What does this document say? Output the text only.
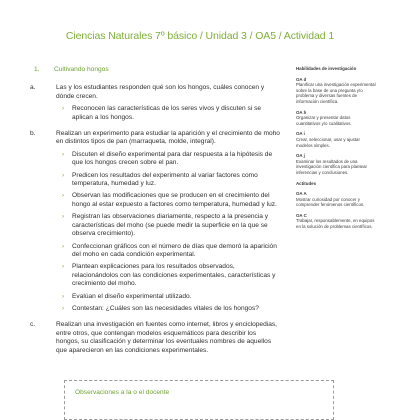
Ciencias Naturales 7º básico / Unidad 3 / OA5 / Actividad 1
1. Cultivando hongos
a.	Las y los estudiantes responden qué son los hongos, cuáles conocen y dónde crecen.
› Reconocen las características de los seres vivos y discuten si se aplican a los hongos.
b.	Realizan un experimento para estudiar la aparición y el crecimiento de moho en distintos tipos de pan (marraqueta, molde, integral).
› Discuten el diseño experimental para dar respuesta a la hipótesis de que los hongos crecen sobre el pan.
› Predicen los resultados del experimento al variar factores como temperatura, humedad y luz.
› Observan las modificaciones que se producen en el crecimiento del hongo al estar expuesto a factores como temperatura, humedad y luz.
› Registran las observaciones diariamente, respecto a la presencia y características del moho (se puede medir la superficie en la que se observa crecimiento).
› Confeccionan gráficos con el número de días que demoró la aparición del moho en cada condición experimental.
› Plantean explicaciones para los resultados observados, relacionándolos con las condiciones experimentales, características y crecimiento del moho.
› Evalúan el diseño experimental utilizado.
› Contestan: ¿Cuáles son las necesidades vitales de los hongos?
c.	Realizan una investigación en fuentes como internet, libros y enciclopedias, entre otros, que contengan modelos esquemáticos para describir los hongos, su clasificación y determinar los eventuales nombres de aquellos que aparecieron en las condiciones experimentales.
Habilidades de investigación
OA d
Planificar una investigación experimental sobre la base de una pregunta y/o problema y diversas fuentes de información científica.
OA h
Organizar y presentar datos cuantitativos y/o cualitativos.
OA i
Crear, seleccionar, usar y ajustar modelos simples.
OA j
Examinar los resultados de una investigación científica para plantear inferencias y conclusiones.
Actitudes
OA A
Mostrar curiosidad por conocer y comprender fenómenos científicos.
OA C
Trabajar, responsablemente, en equipos en la solución de problemas científicos.
Observaciones a la o el docente
